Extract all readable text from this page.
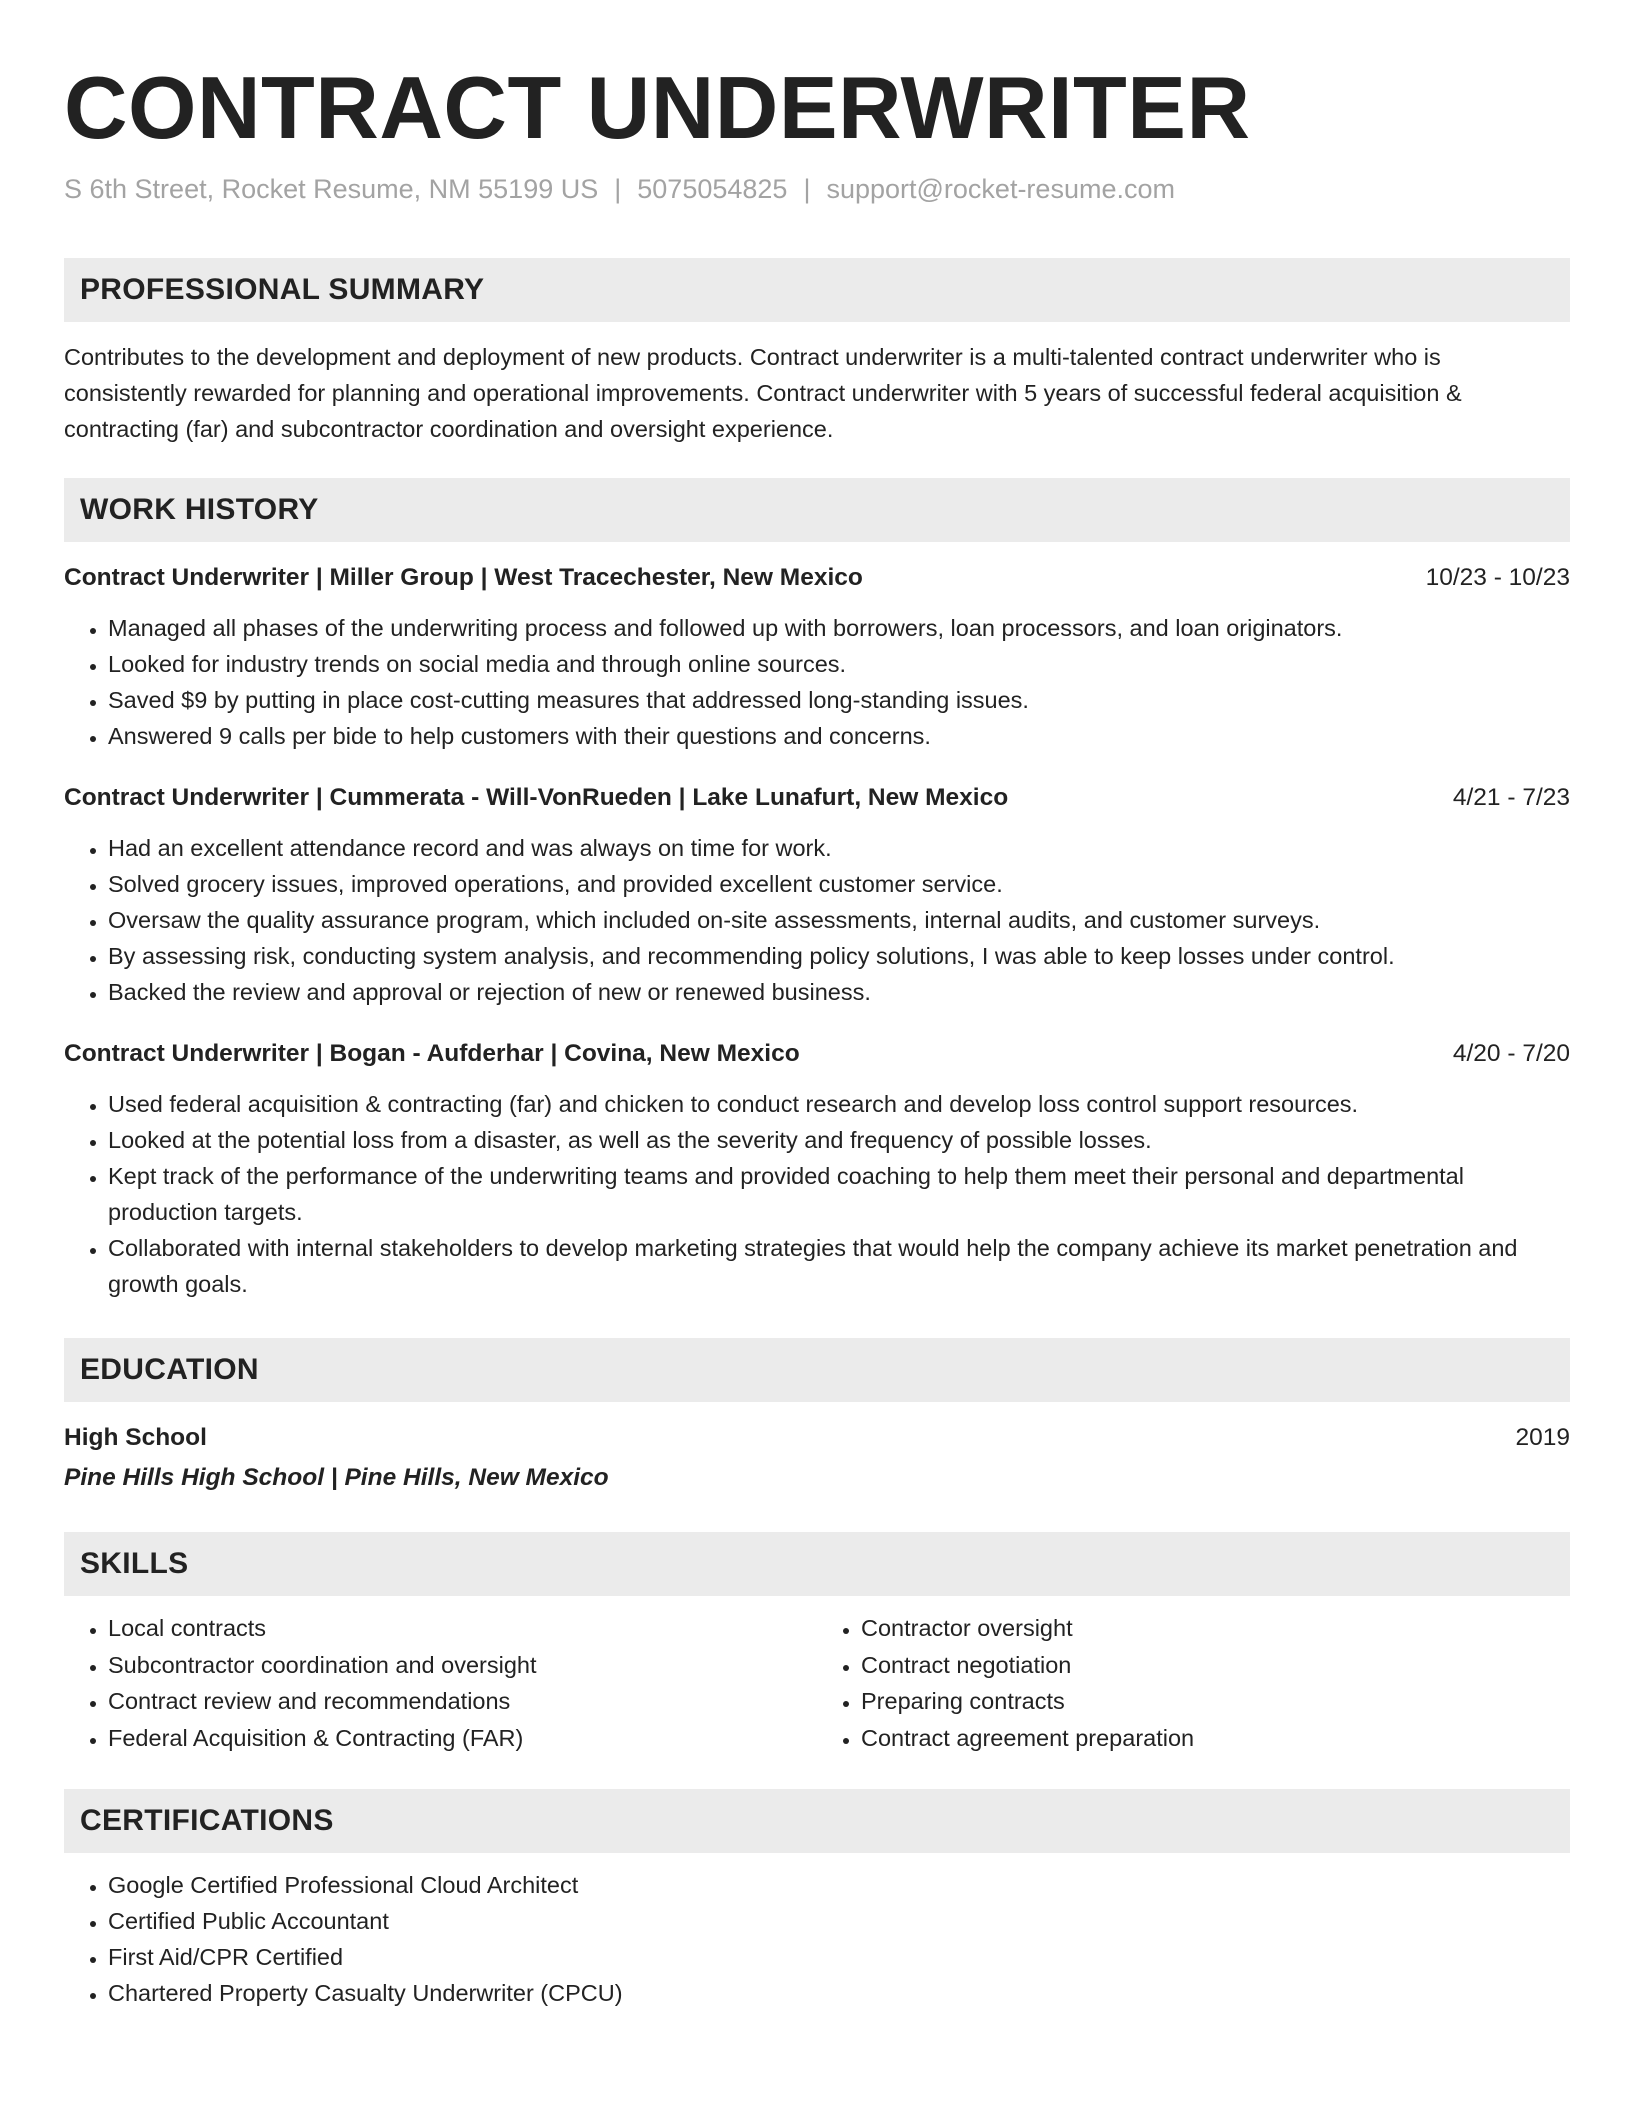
CONTRACT UNDERWRITER
S 6th Street, Rocket Resume, NM 55199 US | 5075054825 | support@rocket-resume.com
PROFESSIONAL SUMMARY

Contributes to the development and deployment of new products. Contract underwriter is a multi-talented contract underwriter who is consistently rewarded for planning and operational improvements. Contract underwriter with 5 years of successful federal acquisition & contracting (far) and subcontractor coordination and oversight experience.

WORK HISTORY
Contract Underwriter | Miller Group | West Tracechester, New Mexico	10/23 - 10/23
• Managed all phases of the underwriting process and followed up with borrowers, loan processors, and loan originators.
• Looked for industry trends on social media and through online sources.
• Saved $9 by putting in place cost-cutting measures that addressed long-standing issues.
• Answered 9 calls per bide to help customers with their questions and concerns.
Contract Underwriter | Cummerata - Will-VonRueden | Lake Lunafurt, New Mexico	4/21 - 7/23
• Had an excellent attendance record and was always on time for work.
• Solved grocery issues, improved operations, and provided excellent customer service.
• Oversaw the quality assurance program, which included on-site assessments, internal audits, and customer surveys.
• By assessing risk, conducting system analysis, and recommending policy solutions, I was able to keep losses under control.
• Backed the review and approval or rejection of new or renewed business.
Contract Underwriter | Bogan - Aufderhar | Covina, New Mexico	4/20 - 7/20
• Used federal acquisition & contracting (far) and chicken to conduct research and develop loss control support resources.
• Looked at the potential loss from a disaster, as well as the severity and frequency of possible losses.
• Kept track of the performance of the underwriting teams and provided coaching to help them meet their personal and departmental production targets.
• Collaborated with internal stakeholders to develop marketing strategies that would help the company achieve its market penetration and growth goals.
EDUCATION
High School	2019
Pine Hills High School | Pine Hills, New Mexico
SKILLS
• Local contracts
• Subcontractor coordination and oversight
• Contract review and recommendations
• Federal Acquisition & Contracting (FAR)
• Contractor oversight
• Contract negotiation
• Preparing contracts
• Contract agreement preparation
CERTIFICATIONS
• Google Certified Professional Cloud Architect
• Certified Public Accountant
• First Aid/CPR Certified
• Chartered Property Casualty Underwriter (CPCU)
